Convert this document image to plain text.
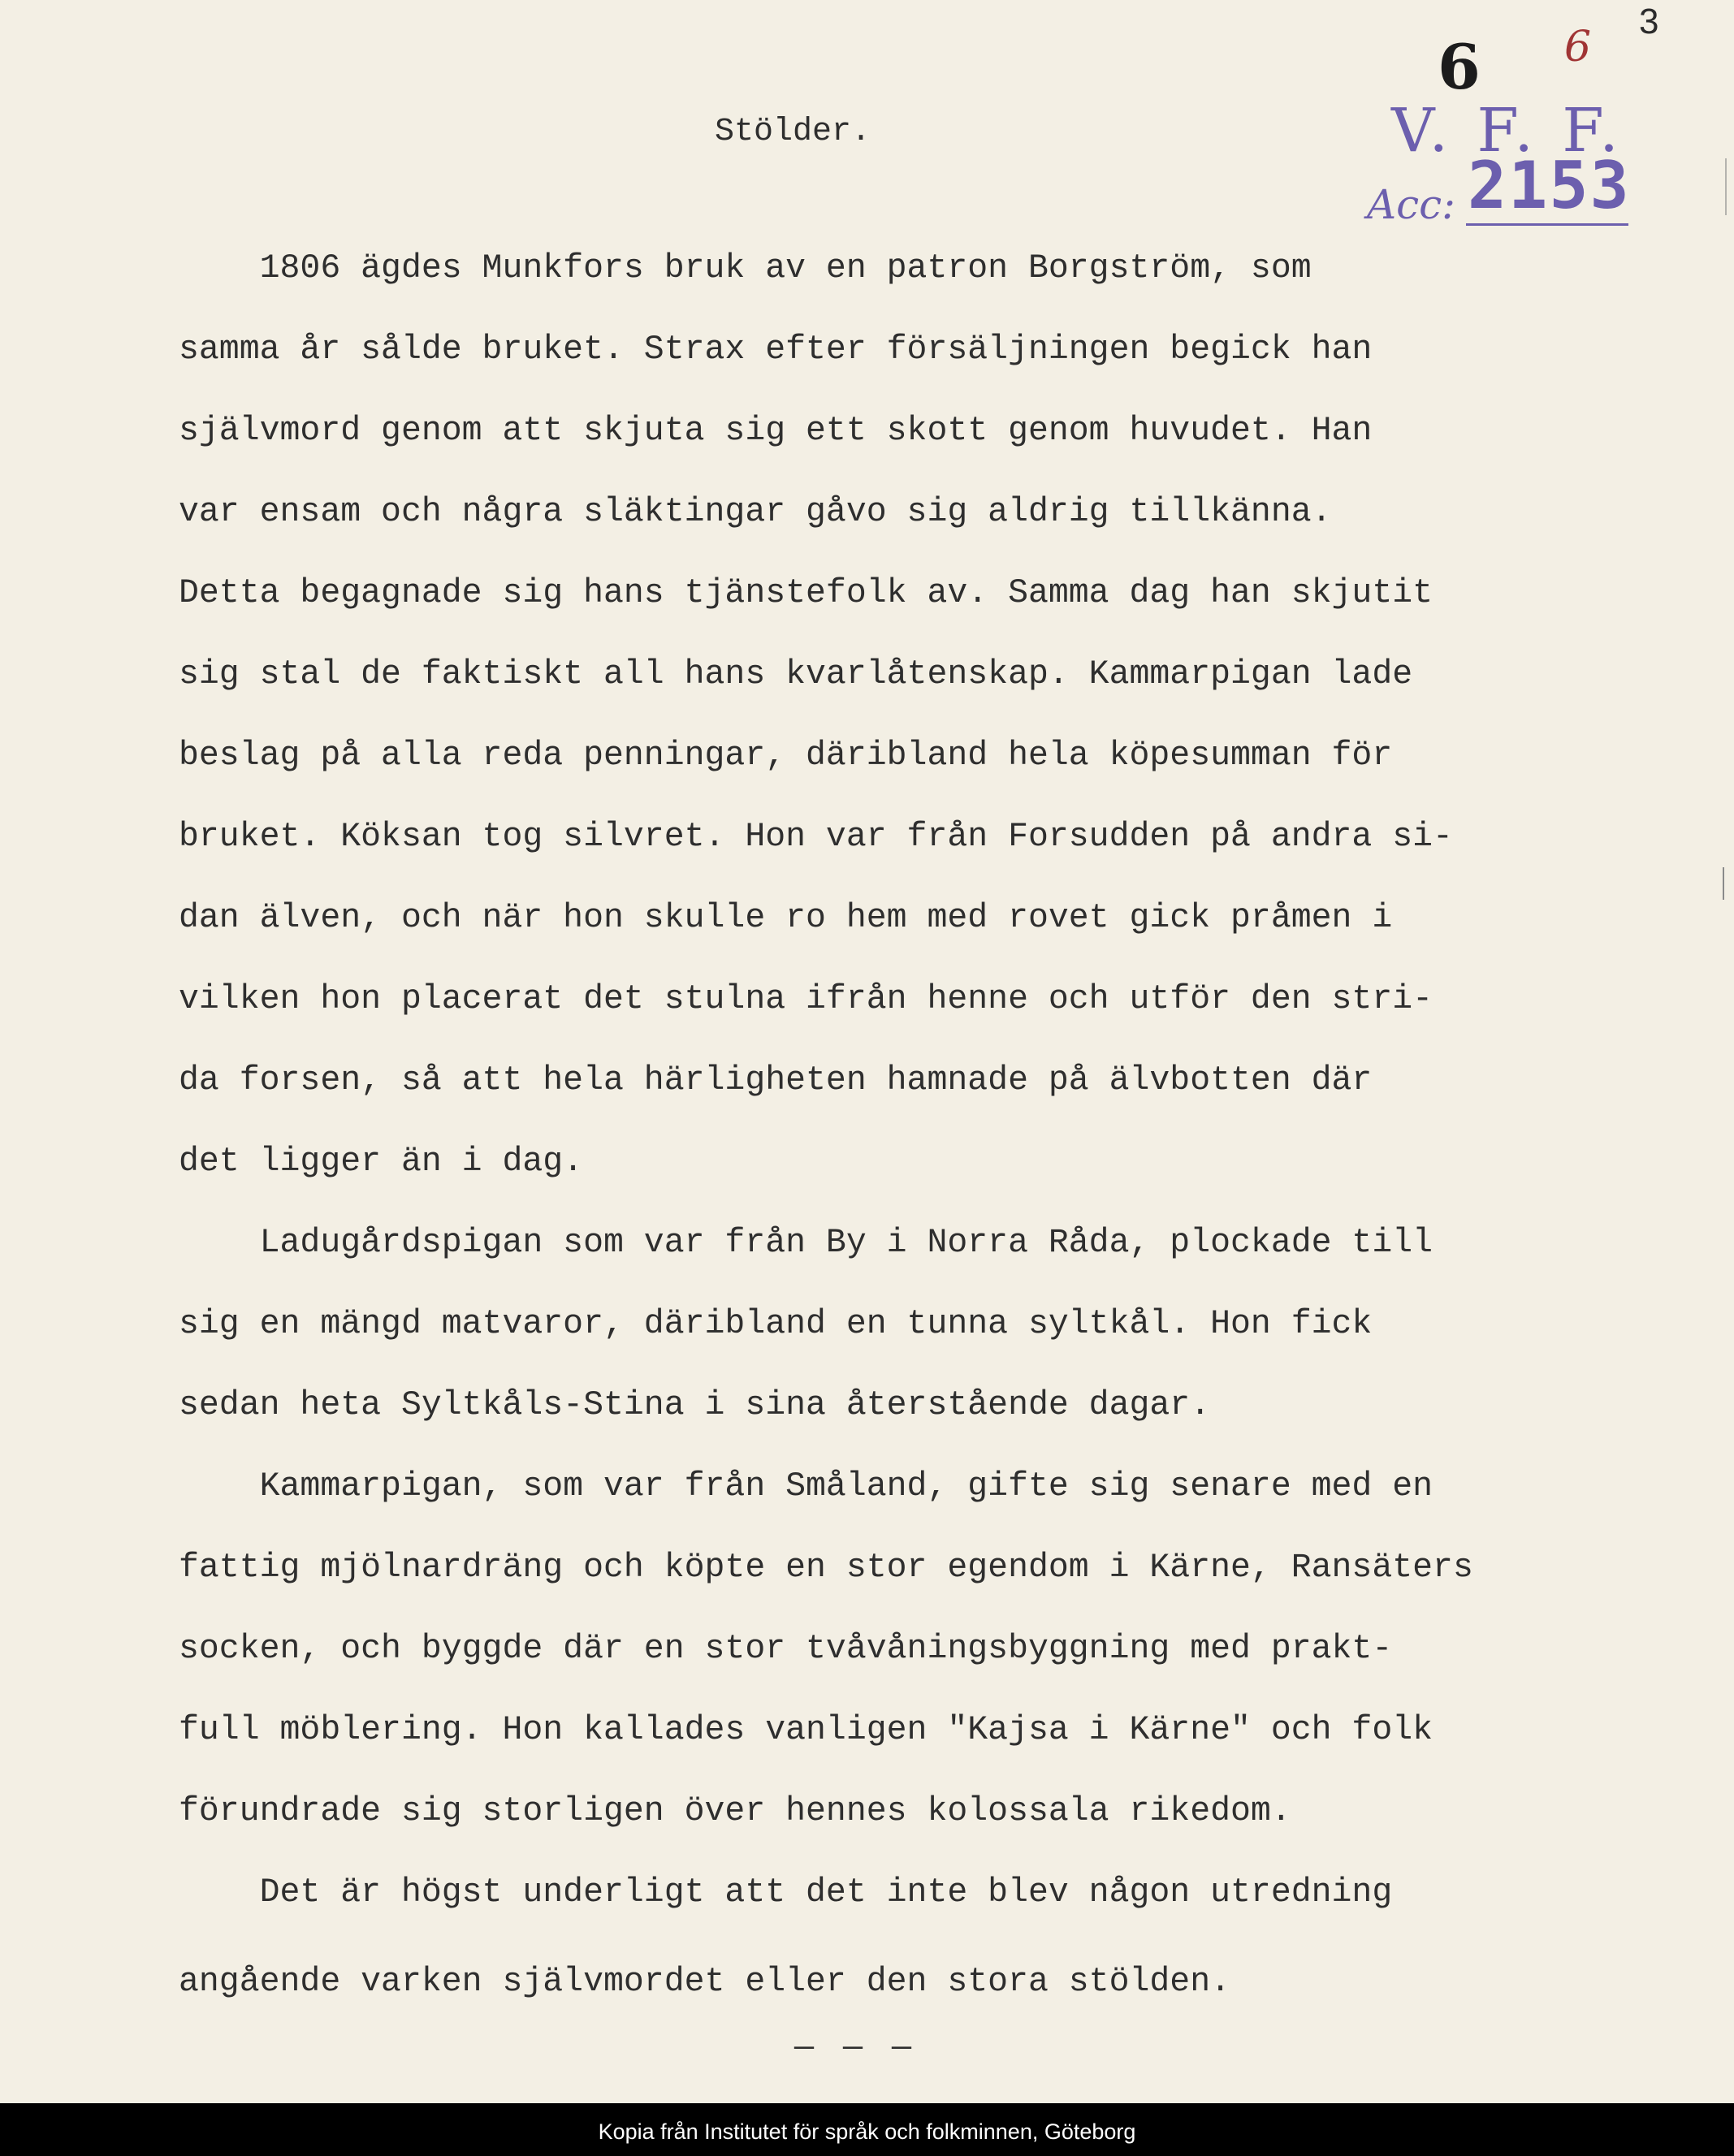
3
6 6
V. F. F.
Acc: 2153
Stölder.
1806 ägdes Munkfors bruk av en patron Borgström, som
samma år sålde bruket. Strax efter försäljningen begick han
självmord genom att skjuta sig ett skott genom huvudet. Han
var ensam och några släktingar gåvo sig aldrig tillkänna.
Detta begagnade sig hans tjänstefolk av. Samma dag han skjutit
sig stal de faktiskt all hans kvarlåtenskap. Kammarpigan lade
beslag på alla reda penningar, däribland hela köpesumman för
bruket. Köksan tog silvret. Hon var från Forsudden på andra si-
dan älven, och när hon skulle ro hem med rovet gick pråmen i
vilken hon placerat det stulna ifrån henne och utför den stri-
da forsen, så att hela härligheten hamnade på älvbotten där
det ligger än i dag.
Ladugårdspigan som var från By i Norra Råda, plockade till
sig en mängd matvaror, däribland en tunna syltkål. Hon fick
sedan heta Syltkåls-Stina i sina återstående dagar.
Kammarpigan, som var från Småland, gifte sig senare med en
fattig mjölnardräng och köpte en stor egendom i Kärne, Ransäters
socken, och byggde där en stor tvåvåningsbyggning med prakt-
full möblering. Hon kallades vanligen "Kajsa i Kärne" och folk
förundrade sig storligen över hennes kolossala rikedom.
Det är högst underligt att det inte blev någon utredning
angående varken självmordet eller den stora stölden.
— — —
Kopia från Institutet för språk och folkminnen, Göteborg
